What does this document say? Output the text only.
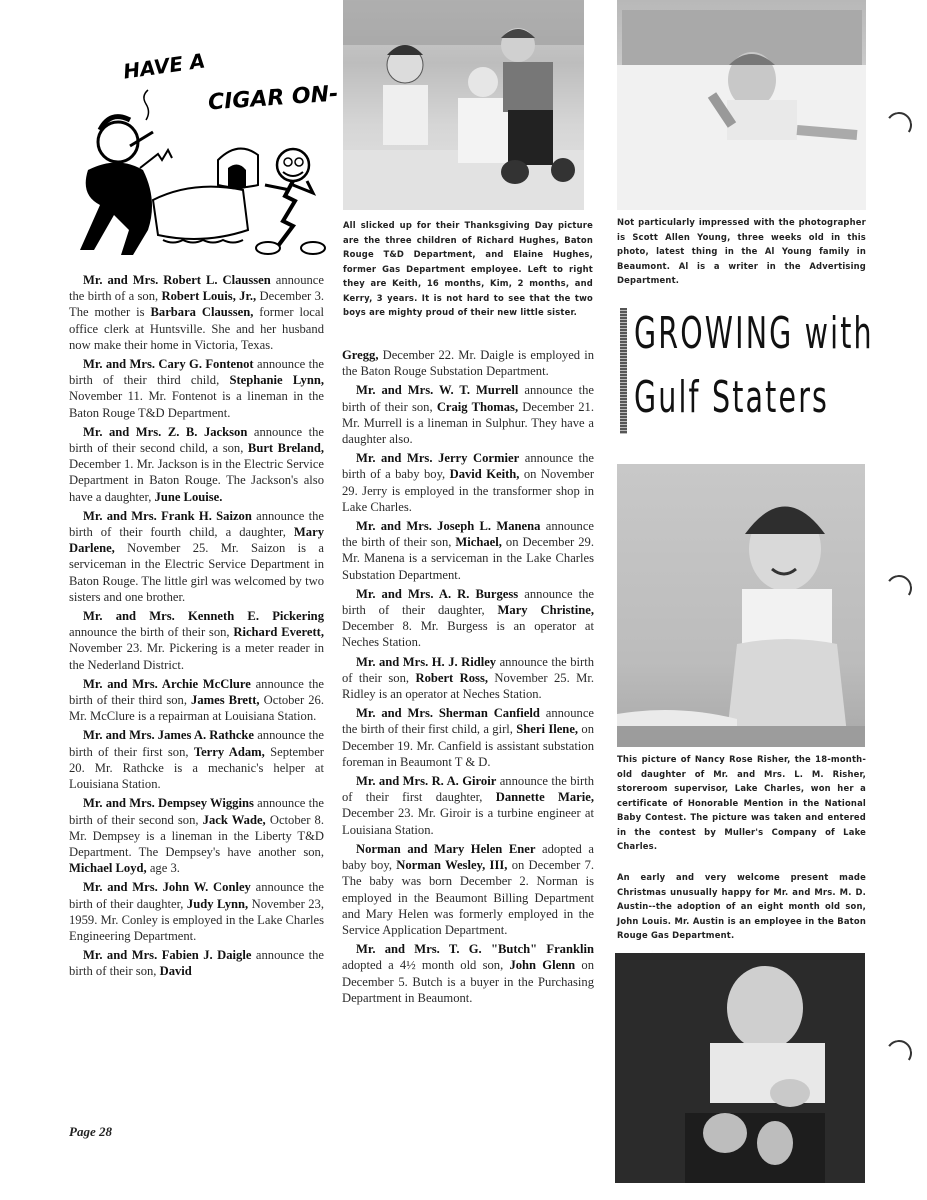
HAVE A
CIGAR ON-
All slicked up for their Thanksgiving Day picture are the three children of Richard Hughes, Baton Rouge T&D Department, and Elaine Hughes, former Gas Department employee. Left to right they are Keith, 16 months, Kim, 2 months, and Kerry, 3 years. It is not hard to see that the two boys are mighty proud of their new little sister.
Not particularly impressed with the photographer is Scott Allen Young, three weeks old in this photo, latest thing in the Al Young family in Beaumont. Al is a writer in the Advertising Department.
This picture of Nancy Rose Risher, the 18-month-old daughter of Mr. and Mrs. L. M. Risher, storeroom supervisor, Lake Charles, won her a certificate of Honorable Mention in the National Baby Contest. The picture was taken and entered in the contest by Muller's Company of Lake Charles.
An early and very welcome present made Christmas unusually happy for Mr. and Mrs. M. D. Austin--the adoption of an eight month old son, John Louis. Mr. Austin is an employee in the Baton Rouge Gas Department.
GROWING with
Gulf Staters

Mr. and Mrs. Robert L. Claussen announce the birth of a son, Robert Louis, Jr., December 3. The mother is Barbara Claussen, former local office clerk at Huntsville. She and her husband now make their home in Victoria, Texas.

Mr. and Mrs. Cary G. Fontenot announce the birth of their third child, Stephanie Lynn, November 11. Mr. Fontenot is a lineman in the Baton Rouge T&D Department.

Mr. and Mrs. Z. B. Jackson announce the birth of their second child, a son, Burt Breland, December 1. Mr. Jackson is in the Electric Service Department in Baton Rouge. The Jackson's also have a daughter, June Louise.

Mr. and Mrs. Frank H. Saizon announce the birth of their fourth child, a daughter, Mary Darlene, November 25. Mr. Saizon is a serviceman in the Electric Service Department in Baton Rouge. The little girl was welcomed by two sisters and one brother.

Mr. and Mrs. Kenneth E. Pickering announce the birth of their son, Richard Everett, November 23. Mr. Pickering is a meter reader in the Nederland District.

Mr. and Mrs. Archie McClure announce the birth of their third son, James Brett, October 26. Mr. McClure is a repairman at Louisiana Station.

Mr. and Mrs. James A. Rathcke announce the birth of their first son, Terry Adam, September 20. Mr. Rathcke is a mechanic's helper at Louisiana Station.

Mr. and Mrs. Dempsey Wiggins announce the birth of their second son, Jack Wade, October 8. Mr. Dempsey is a lineman in the Liberty T&D Department. The Dempsey's have another son, Michael Loyd, age 3.

Mr. and Mrs. John W. Conley announce the birth of their daughter, Judy Lynn, November 23, 1959. Mr. Conley is employed in the Lake Charles Engineering Department.

Mr. and Mrs. Fabien J. Daigle announce the birth of their son, David

Gregg, December 22. Mr. Daigle is employed in the Baton Rouge Substation Department.

Mr. and Mrs. W. T. Murrell announce the birth of their son, Craig Thomas, December 21. Mr. Murrell is a lineman in Sulphur. They have a daughter also.

Mr. and Mrs. Jerry Cormier announce the birth of a baby boy, David Keith, on November 29. Jerry is employed in the transformer shop in Lake Charles.

Mr. and Mrs. Joseph L. Manena announce the birth of their son, Michael, on December 29. Mr. Manena is a serviceman in the Lake Charles Substation Department.

Mr. and Mrs. A. R. Burgess announce the birth of their daughter, Mary Christine, December 8. Mr. Burgess is an operator at Neches Station.

Mr. and Mrs. H. J. Ridley announce the birth of their son, Robert Ross, November 25. Mr. Ridley is an operator at Neches Station.

Mr. and Mrs. Sherman Canfield announce the birth of their first child, a girl, Sheri Ilene, on December 19. Mr. Canfield is assistant substation foreman in Beaumont T & D.

Mr. and Mrs. R. A. Giroir announce the birth of their first daughter, Dannette Marie, December 23. Mr. Giroir is a turbine engineer at Louisiana Station.

Norman and Mary Helen Ener adopted a baby boy, Norman Wesley, III, on December 7. The baby was born December 2. Norman is employed in the Beaumont Billing Department and Mary Helen was formerly employed in the Service Application Department.

Mr. and Mrs. T. G. "Butch" Franklin adopted a 4½ month old son, John Glenn on December 5. Butch is a buyer in the Purchasing Department in Beaumont.

Page 28
